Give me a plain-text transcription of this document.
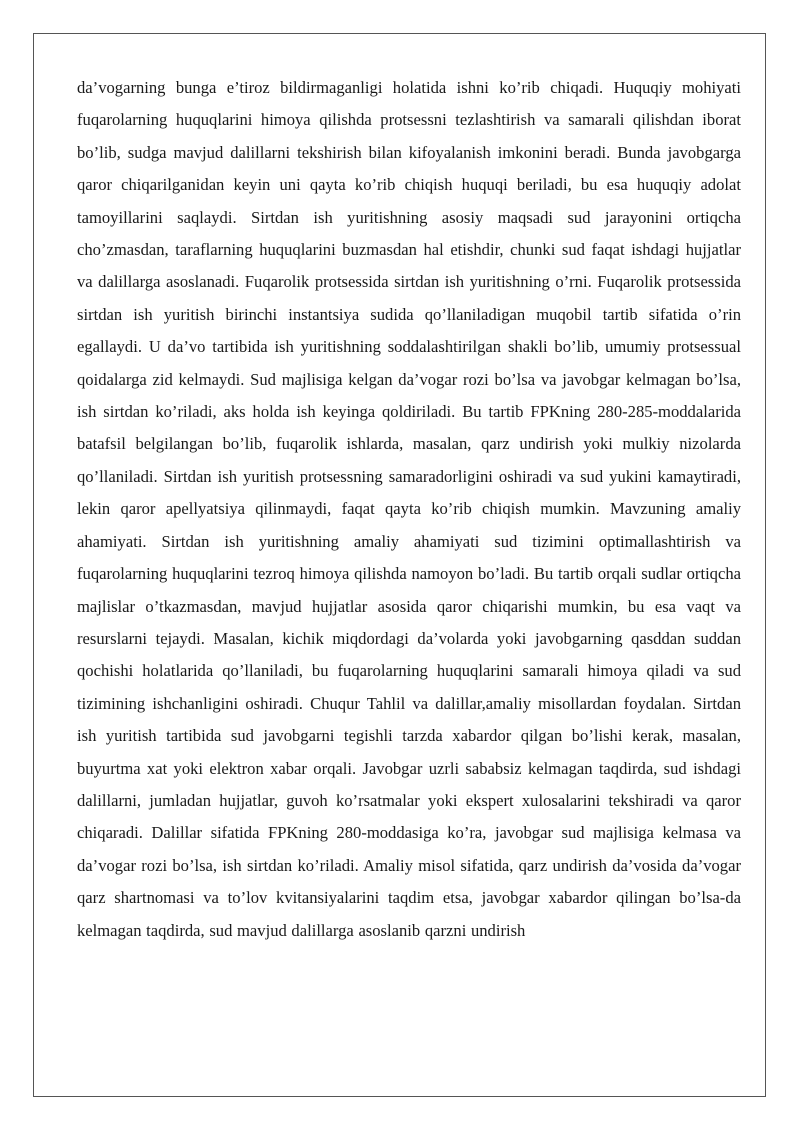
da’vogarning bunga e’tiroz bildirmaganligi holatida ishni ko’rib chiqadi. Huquqiy mohiyati fuqarolarning huquqlarini himoya qilishda protsessni tezlashtirish va samarali qilishdan iborat bo’lib, sudga mavjud dalillarni tekshirish bilan kifoyalanish imkonini beradi. Bunda javobgarga qaror chiqarilganidan keyin uni qayta ko’rib chiqish huquqi beriladi, bu esa huquqiy adolat tamoyillarini saqlaydi. Sirtdan ish yuritishning asosiy maqsadi sud jarayonini ortiqcha cho’zmasdan, taraflarning huquqlarini buzmasdan hal etishdir, chunki sud faqat ishdagi hujjatlar va dalillarga asoslanadi. Fuqarolik protsessida sirtdan ish yuritishning o’rni. Fuqarolik protsessida sirtdan ish yuritish birinchi instantsiya sudida qo’llaniladigan muqobil tartib sifatida o’rin egallaydi. U da’vo tartibida ish yuritishning soddalashtirilgan shakli bo’lib, umumiy protsessual qoidalarga zid kelmaydi. Sud majlisiga kelgan da’vogar rozi bo’lsa va javobgar kelmagan bo’lsa, ish sirtdan ko’riladi, aks holda ish keyinga qoldiriladi. Bu tartib FPKning 280-285-moddalarida batafsil belgilangan bo’lib, fuqarolik ishlarda, masalan, qarz undirish yoki mulkiy nizolarda qo’llaniladi. Sirtdan ish yuritish protsessning samaradorligini oshiradi va sud yukini kamaytiradi, lekin qaror apellyatsiya qilinmaydi, faqat qayta ko’rib chiqish mumkin. Mavzuning amaliy ahamiyati. Sirtdan ish yuritishning amaliy ahamiyati sud tizimini optimallashtirish va fuqarolarning huquqlarini tezroq himoya qilishda namoyon bo’ladi. Bu tartib orqali sudlar ortiqcha majlislar o’tkazmasdan, mavjud hujjatlar asosida qaror chiqarishi mumkin, bu esa vaqt va resurslarni tejaydi. Masalan, kichik miqdordagi da’volarda yoki javobgarning qasddan suddan qochishi holatlarida qo’llaniladi, bu fuqarolarning huquqlarini samarali himoya qiladi va sud tizimining ishchanligini oshiradi. Chuqur Tahlil va dalillar,amaliy misollardan foydalan. Sirtdan ish yuritish tartibida sud javobgarni tegishli tarzda xabardor qilgan bo’lishi kerak, masalan, buyurtma xat yoki elektron xabar orqali. Javobgar uzrli sababsiz kelmagan taqdirda, sud ishdagi dalillarni, jumladan hujjatlar, guvoh ko’rsatmalar yoki ekspert xulosalarini tekshiradi va qaror chiqaradi. Dalillar sifatida FPKning 280-moddasiga ko’ra, javobgar sud majlisiga kelmasa va da’vogar rozi bo’lsa, ish sirtdan ko’riladi. Amaliy misol sifatida, qarz undirish da’vosida da’vogar qarz shartnomasi va to’lov kvitansiyalarini taqdim etsa, javobgar xabardor qilingan bo’lsa-da kelmagan taqdirda, sud mavjud dalillarga asoslanib qarzni undirish
